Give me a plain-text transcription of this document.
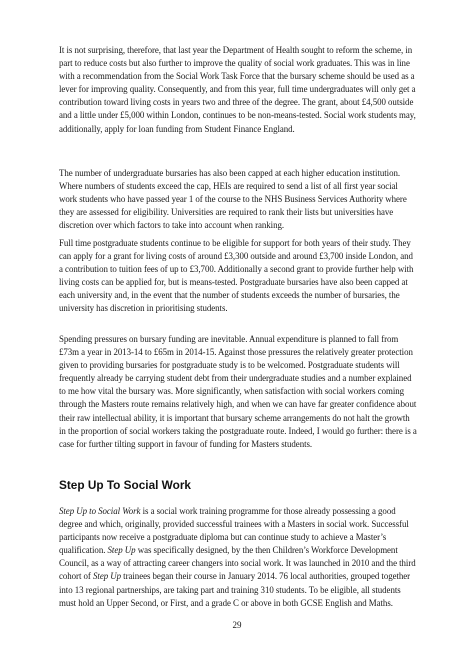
It is not surprising, therefore, that last year the Department of Health sought to reform the scheme, in part to reduce costs but also further to improve the quality of social work graduates. This was in line with a recommendation from the Social Work Task Force that the bursary scheme should be used as a lever for improving quality. Consequently, and from this year, full time undergraduates will only get a contribution toward living costs in years two and three of the degree. The grant, about £4,500 outside and a little under £5,000 within London, continues to be non-means-tested. Social work students may, additionally, apply for loan funding from Student Finance England.

The number of undergraduate bursaries has also been capped at each higher education institution. Where numbers of students exceed the cap, HEIs are required to send a list of all first year social work students who have passed year 1 of the course to the NHS Business Services Authority where they are assessed for eligibility. Universities are required to rank their lists but universities have discretion over which factors to take into account when ranking.

Full time postgraduate students continue to be eligible for support for both years of their study. They can apply for a grant for living costs of around £3,300 outside and around £3,700 inside London, and a contribution to tuition fees of up to £3,700. Additionally a second grant to provide further help with living costs can be applied for, but is means-tested. Postgraduate bursaries have also been capped at each university and, in the event that the number of students exceeds the number of bursaries, the university has discretion in prioritising students.

Spending pressures on bursary funding are inevitable. Annual expenditure is planned to fall from £73m a year in 2013-14 to £65m in 2014-15. Against those pressures the relatively greater protection given to providing bursaries for postgraduate study is to be welcomed. Postgraduate students will frequently already be carrying student debt from their undergraduate studies and a number explained to me how vital the bursary was. More significantly, when satisfaction with social workers coming through the Masters route remains relatively high, and when we can have far greater confidence about their raw intellectual ability, it is important that bursary scheme arrangements do not halt the growth in the proportion of social workers taking the postgraduate route. Indeed, I would go further: there is a case for further tilting support in favour of funding for Masters students.

Step Up To Social Work

Step Up to Social Work is a social work training programme for those already possessing a good degree and which, originally, provided successful trainees with a Masters in social work. Successful participants now receive a postgraduate diploma but can continue study to achieve a Master’s qualification. Step Up was specifically designed, by the then Children’s Workforce Development Council, as a way of attracting career changers into social work. It was launched in 2010 and the third cohort of Step Up trainees began their course in January 2014. 76 local authorities, grouped together into 13 regional partnerships, are taking part and training 310 students. To be eligible, all students must hold an Upper Second, or First, and a grade C or above in both GCSE English and Maths.

29
